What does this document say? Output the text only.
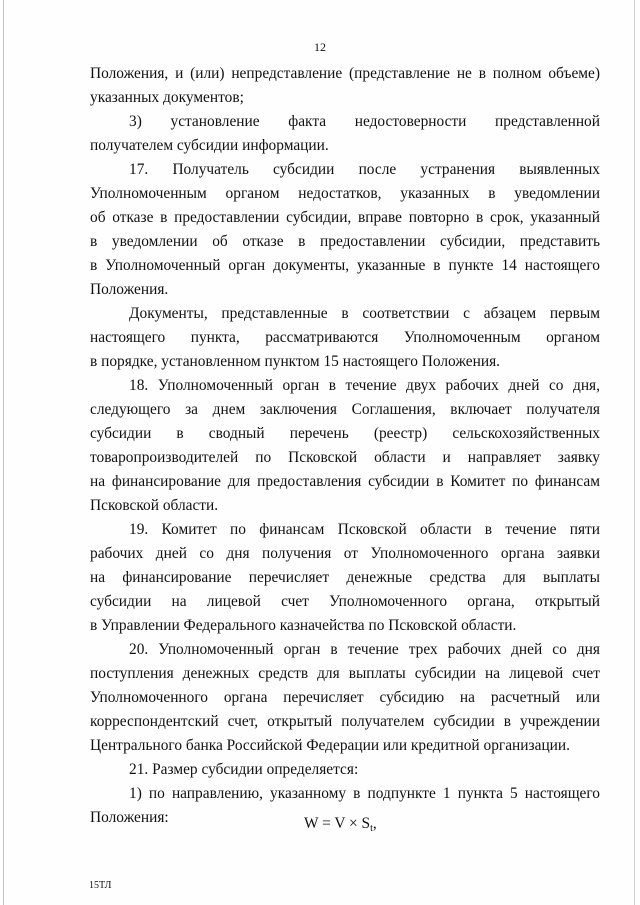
12
Положения, и (или) непредставление (представление не в полном объеме)
указанных документов;
3) установление факта недостоверности представленной
получателем субсидии информации.
17. Получатель субсидии после устранения выявленных
Уполномоченным органом недостатков, указанных в уведомлении
об отказе в предоставлении субсидии, вправе повторно в срок, указанный
в уведомлении об отказе в предоставлении субсидии, представить
в Уполномоченный орган документы, указанные в пункте 14 настоящего
Положения.
Документы, представленные в соответствии с абзацем первым
настоящего пункта, рассматриваются Уполномоченным органом
в порядке, установленном пунктом 15 настоящего Положения.
18. Уполномоченный орган в течение двух рабочих дней со дня,
следующего за днем заключения Соглашения, включает получателя
субсидии в сводный перечень (реестр) сельскохозяйственных
товаропроизводителей по Псковской области и направляет заявку
на финансирование для предоставления субсидии в Комитет по финансам
Псковской области.
19. Комитет по финансам Псковской области в течение пяти
рабочих дней со дня получения от Уполномоченного органа заявки
на финансирование перечисляет денежные средства для выплаты
субсидии на лицевой счет Уполномоченного органа, открытый
в Управлении Федерального казначейства по Псковской области.
20. Уполномоченный орган в течение трех рабочих дней со дня
поступления денежных средств для выплаты субсидии на лицевой счет
Уполномоченного органа перечисляет субсидию на расчетный или
корреспондентский счет, открытый получателем субсидии в учреждении
Центрального банка Российской Федерации или кредитной организации.
21. Размер субсидии определяется:
1) по направлению, указанному в подпункте 1 пункта 5 настоящего
Положения:	$W = V \times S_t$,
15ТЛ
